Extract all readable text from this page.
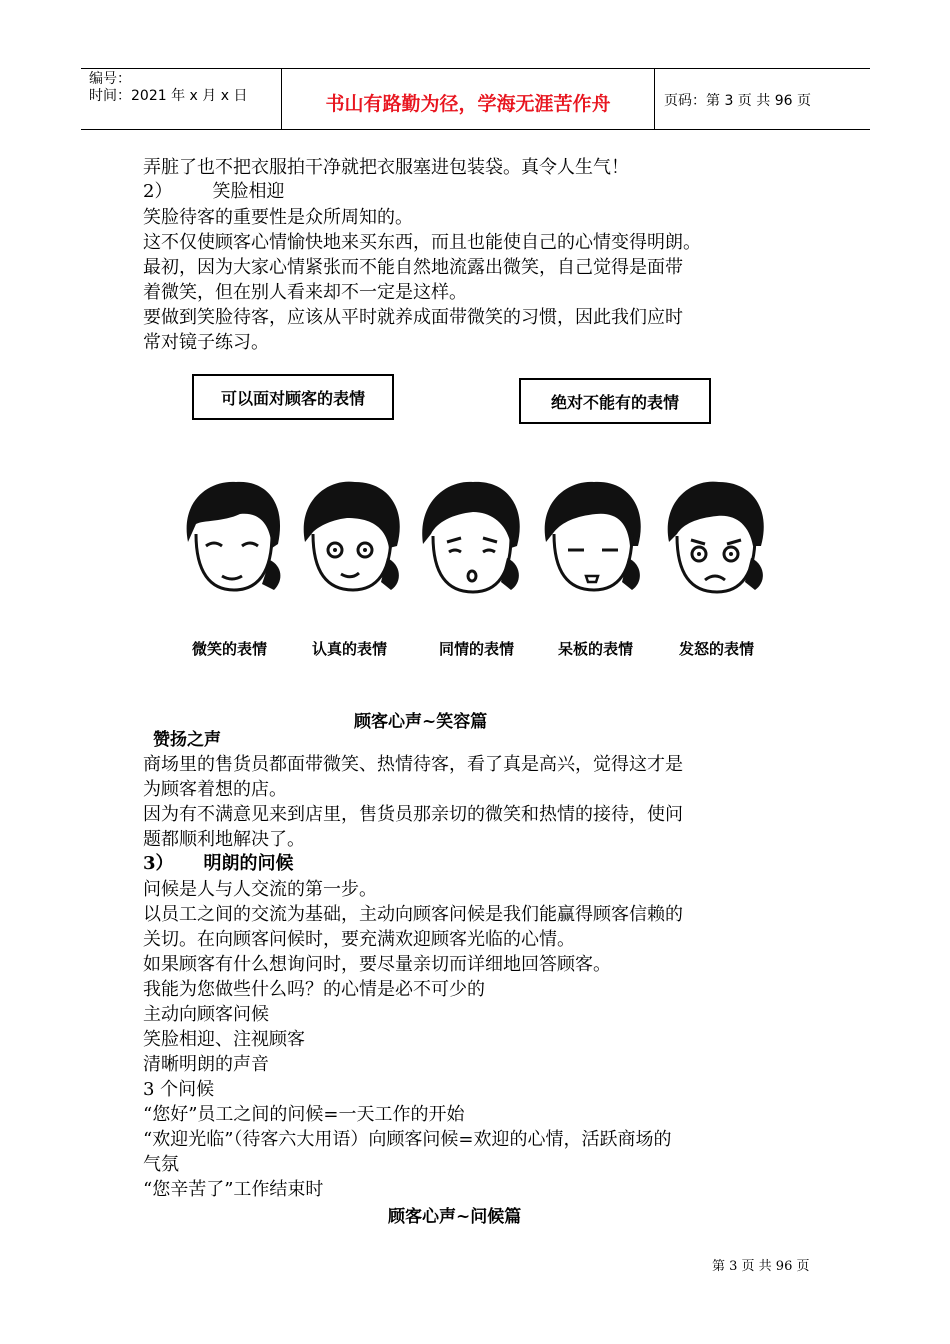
编号：
时间：2021 年 x 月 x 日	书山有路勤为径，学海无涯苦作舟	页码：第 3 页 共 96 页
弄脏了也不把衣服拍干净就把衣服塞进包装袋。真令人生气！
2） 笑脸相迎
笑脸待客的重要性是众所周知的。
这不仅使顾客心情愉快地来买东西，而且也能使自己的心情变得明朗。
最初，因为大家心情紧张而不能自然地流露出微笑，自己觉得是面带
着微笑，但在别人看来却不一定是这样。
要做到笑脸待客，应该从平时就养成面带微笑的习惯，因此我们应时
常对镜子练习。
可以面对顾客的表情	绝对不能有的表情
微笑的表情	认真的表情	同情的表情	呆板的表情	发怒的表情
顾客心声~笑容篇
赞扬之声
商场里的售货员都面带微笑、热情待客，看了真是高兴，觉得这才是
为顾客着想的店。
因为有不满意见来到店里，售货员那亲切的微笑和热情的接待，使问
题都顺利地解决了。
3） 明朗的问候
问候是人与人交流的第一步。
以员工之间的交流为基础，主动向顾客问候是我们能赢得顾客信赖的
关切。在向顾客问候时，要充满欢迎顾客光临的心情。
如果顾客有什么想询问时，要尽量亲切而详细地回答顾客。
我能为您做些什么吗？的心情是必不可少的
主动向顾客问候
笑脸相迎、注视顾客
清晰明朗的声音
3 个问候
“您好”员工之间的问候=一天工作的开始
“欢迎光临”（待客六大用语）向顾客问候=欢迎的心情，活跃商场的
气氛
“您辛苦了”工作结束时
顾客心声~问候篇
第 3 页 共 96 页
